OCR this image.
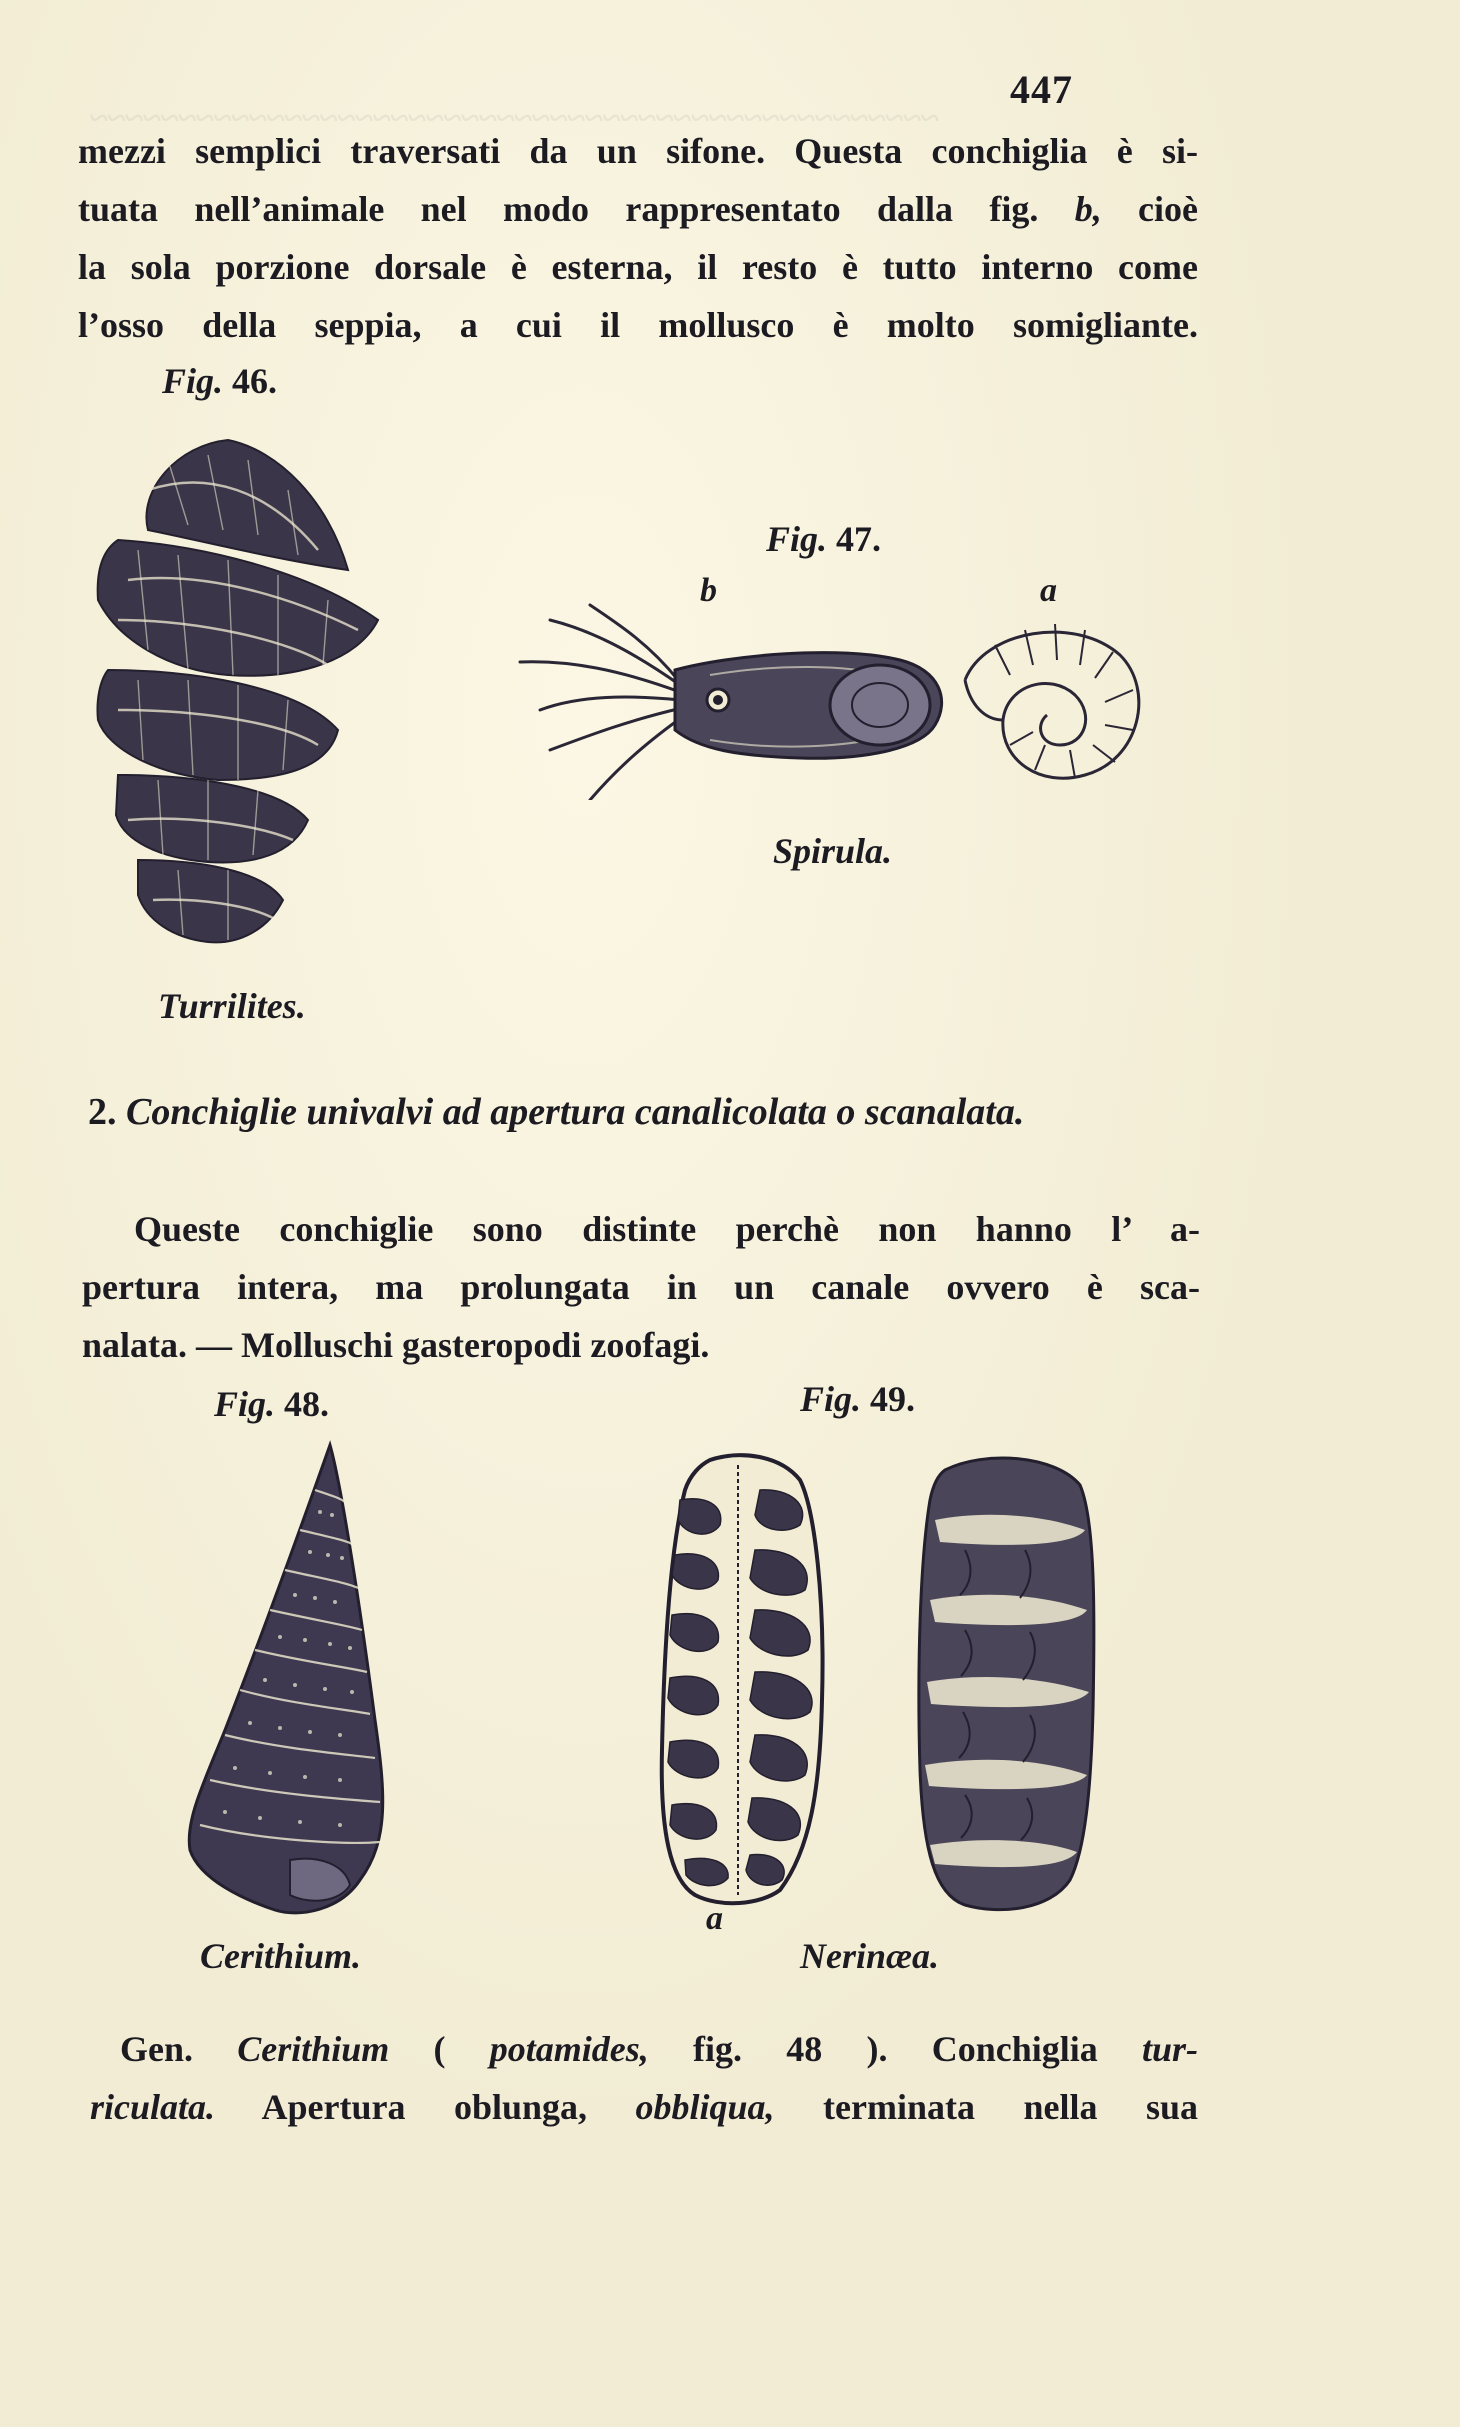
~~~~~~~~~~~~~~~~~~~~~~~~~~~~~~~~~~~~~~~~~~~~~~~~
447
mezzi semplici traversati da un sifone. Questa conchiglia è si-
tuata nell’animale nel modo rappresentato dalla fig. b, cioè
la sola porzione dorsale è esterna, il resto è tutto interno come
l’osso della seppia, a cui il mollusco è molto somigliante.
Fig. 46.
Turrilites.
Fig. 47.
b	a
Spirula.
2. Conchiglie univalvi ad apertura canalicolata o scanalata.
Queste conchiglie sono distinte perchè non hanno l’ a-
pertura intera, ma prolungata in un canale ovvero è sca-
nalata. — Molluschi gasteropodi zoofagi.
Fig. 48.
Cerithium.
Fig. 49.
a
Nerinæa.
Gen. Cerithium ( potamides, fig. 48 ). Conchiglia tur-
riculata. Apertura oblunga, obbliqua, terminata nella sua
